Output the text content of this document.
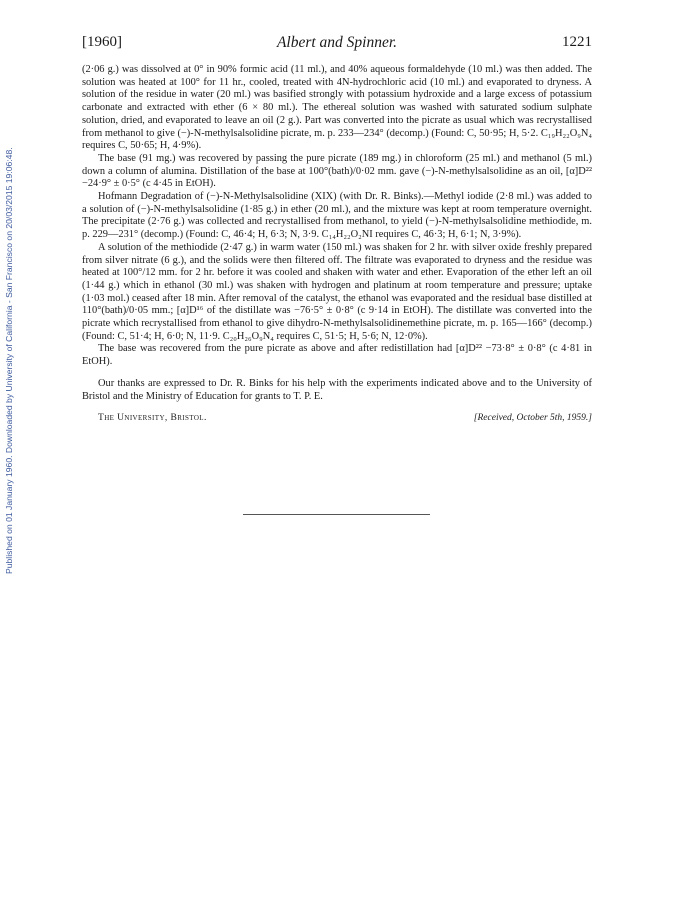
Published on 01 January 1960. Downloaded by University of California - San Francisco on 20/03/2015 19:06:48.
[1960]	Albert and Spinner.	1221

(2·06 g.) was dissolved at 0° in 90% formic acid (11 ml.), and 40% aqueous formaldehyde (10 ml.) was then added. The solution was heated at 100° for 11 hr., cooled, treated with 4N-hydrochloric acid (10 ml.) and evaporated to dryness. A solution of the residue in water (20 ml.) was basified strongly with potassium hydroxide and a large excess of potassium carbonate and extracted with ether (6 × 80 ml.). The ethereal solution was washed with saturated sodium sulphate solution, dried, and evaporated to leave an oil (2 g.). Part was converted into the picrate as usual which was recrystallised from methanol to give (−)-N-methylsalsolidine picrate, m. p. 233—234° (decomp.) (Found: C, 50·95; H, 5·2. C₁₉H₂₂O₉N₄ requires C, 50·65; H, 4·9%).

The base (91 mg.) was recovered by passing the pure picrate (189 mg.) in chloroform (25 ml.) and methanol (5 ml.) down a column of alumina. Distillation of the base at 100°(bath)/0·02 mm. gave (−)-N-methylsalsolidine as an oil, [α]D²² −24·9° ± 0·5° (c 4·45 in EtOH).

Hofmann Degradation of (−)-N-Methylsalsolidine (XIX) (with Dr. R. Binks).—Methyl iodide (2·8 ml.) was added to a solution of (−)-N-methylsalsolidine (1·85 g.) in ether (20 ml.), and the mixture was kept at room temperature overnight. The precipitate (2·76 g.) was collected and recrystallised from methanol, to yield (−)-N-methylsalsolidine methiodide, m. p. 229—231° (decomp.) (Found: C, 46·4; H, 6·3; N, 3·9. C₁₄H₂₂O₂NI requires C, 46·3; H, 6·1; N, 3·9%).

A solution of the methiodide (2·47 g.) in warm water (150 ml.) was shaken for 2 hr. with silver oxide freshly prepared from silver nitrate (6 g.), and the solids were then filtered off. The filtrate was evaporated to dryness and the residue was heated at 100°/12 mm. for 2 hr. before it was cooled and shaken with water and ether. Evaporation of the ether left an oil (1·44 g.) which in ethanol (30 ml.) was shaken with hydrogen and platinum at room temperature and pressure; uptake (1·03 mol.) ceased after 18 min. After removal of the catalyst, the ethanol was evaporated and the residual base distilled at 110°(bath)/0·05 mm.; [α]D¹⁶ of the distillate was −76·5° ± 0·8° (c 9·14 in EtOH). The distillate was converted into the picrate which recrystallised from ethanol to give dihydro-N-methylsalsolidinemethine picrate, m. p. 165—166° (decomp.) (Found: C, 51·4; H, 6·0; N, 11·9. C₂₀H₂₆O₉N₄ requires C, 51·5; H, 5·6; N, 12·0%).

The base was recovered from the pure picrate as above and after redistillation had [α]D²² −73·8° ± 0·8° (c 4·81 in EtOH).

Our thanks are expressed to Dr. R. Binks for his help with the experiments indicated above and to the University of Bristol and the Ministry of Education for grants to T. P. E.

The University, Bristol.	[Received, October 5th, 1959.]
